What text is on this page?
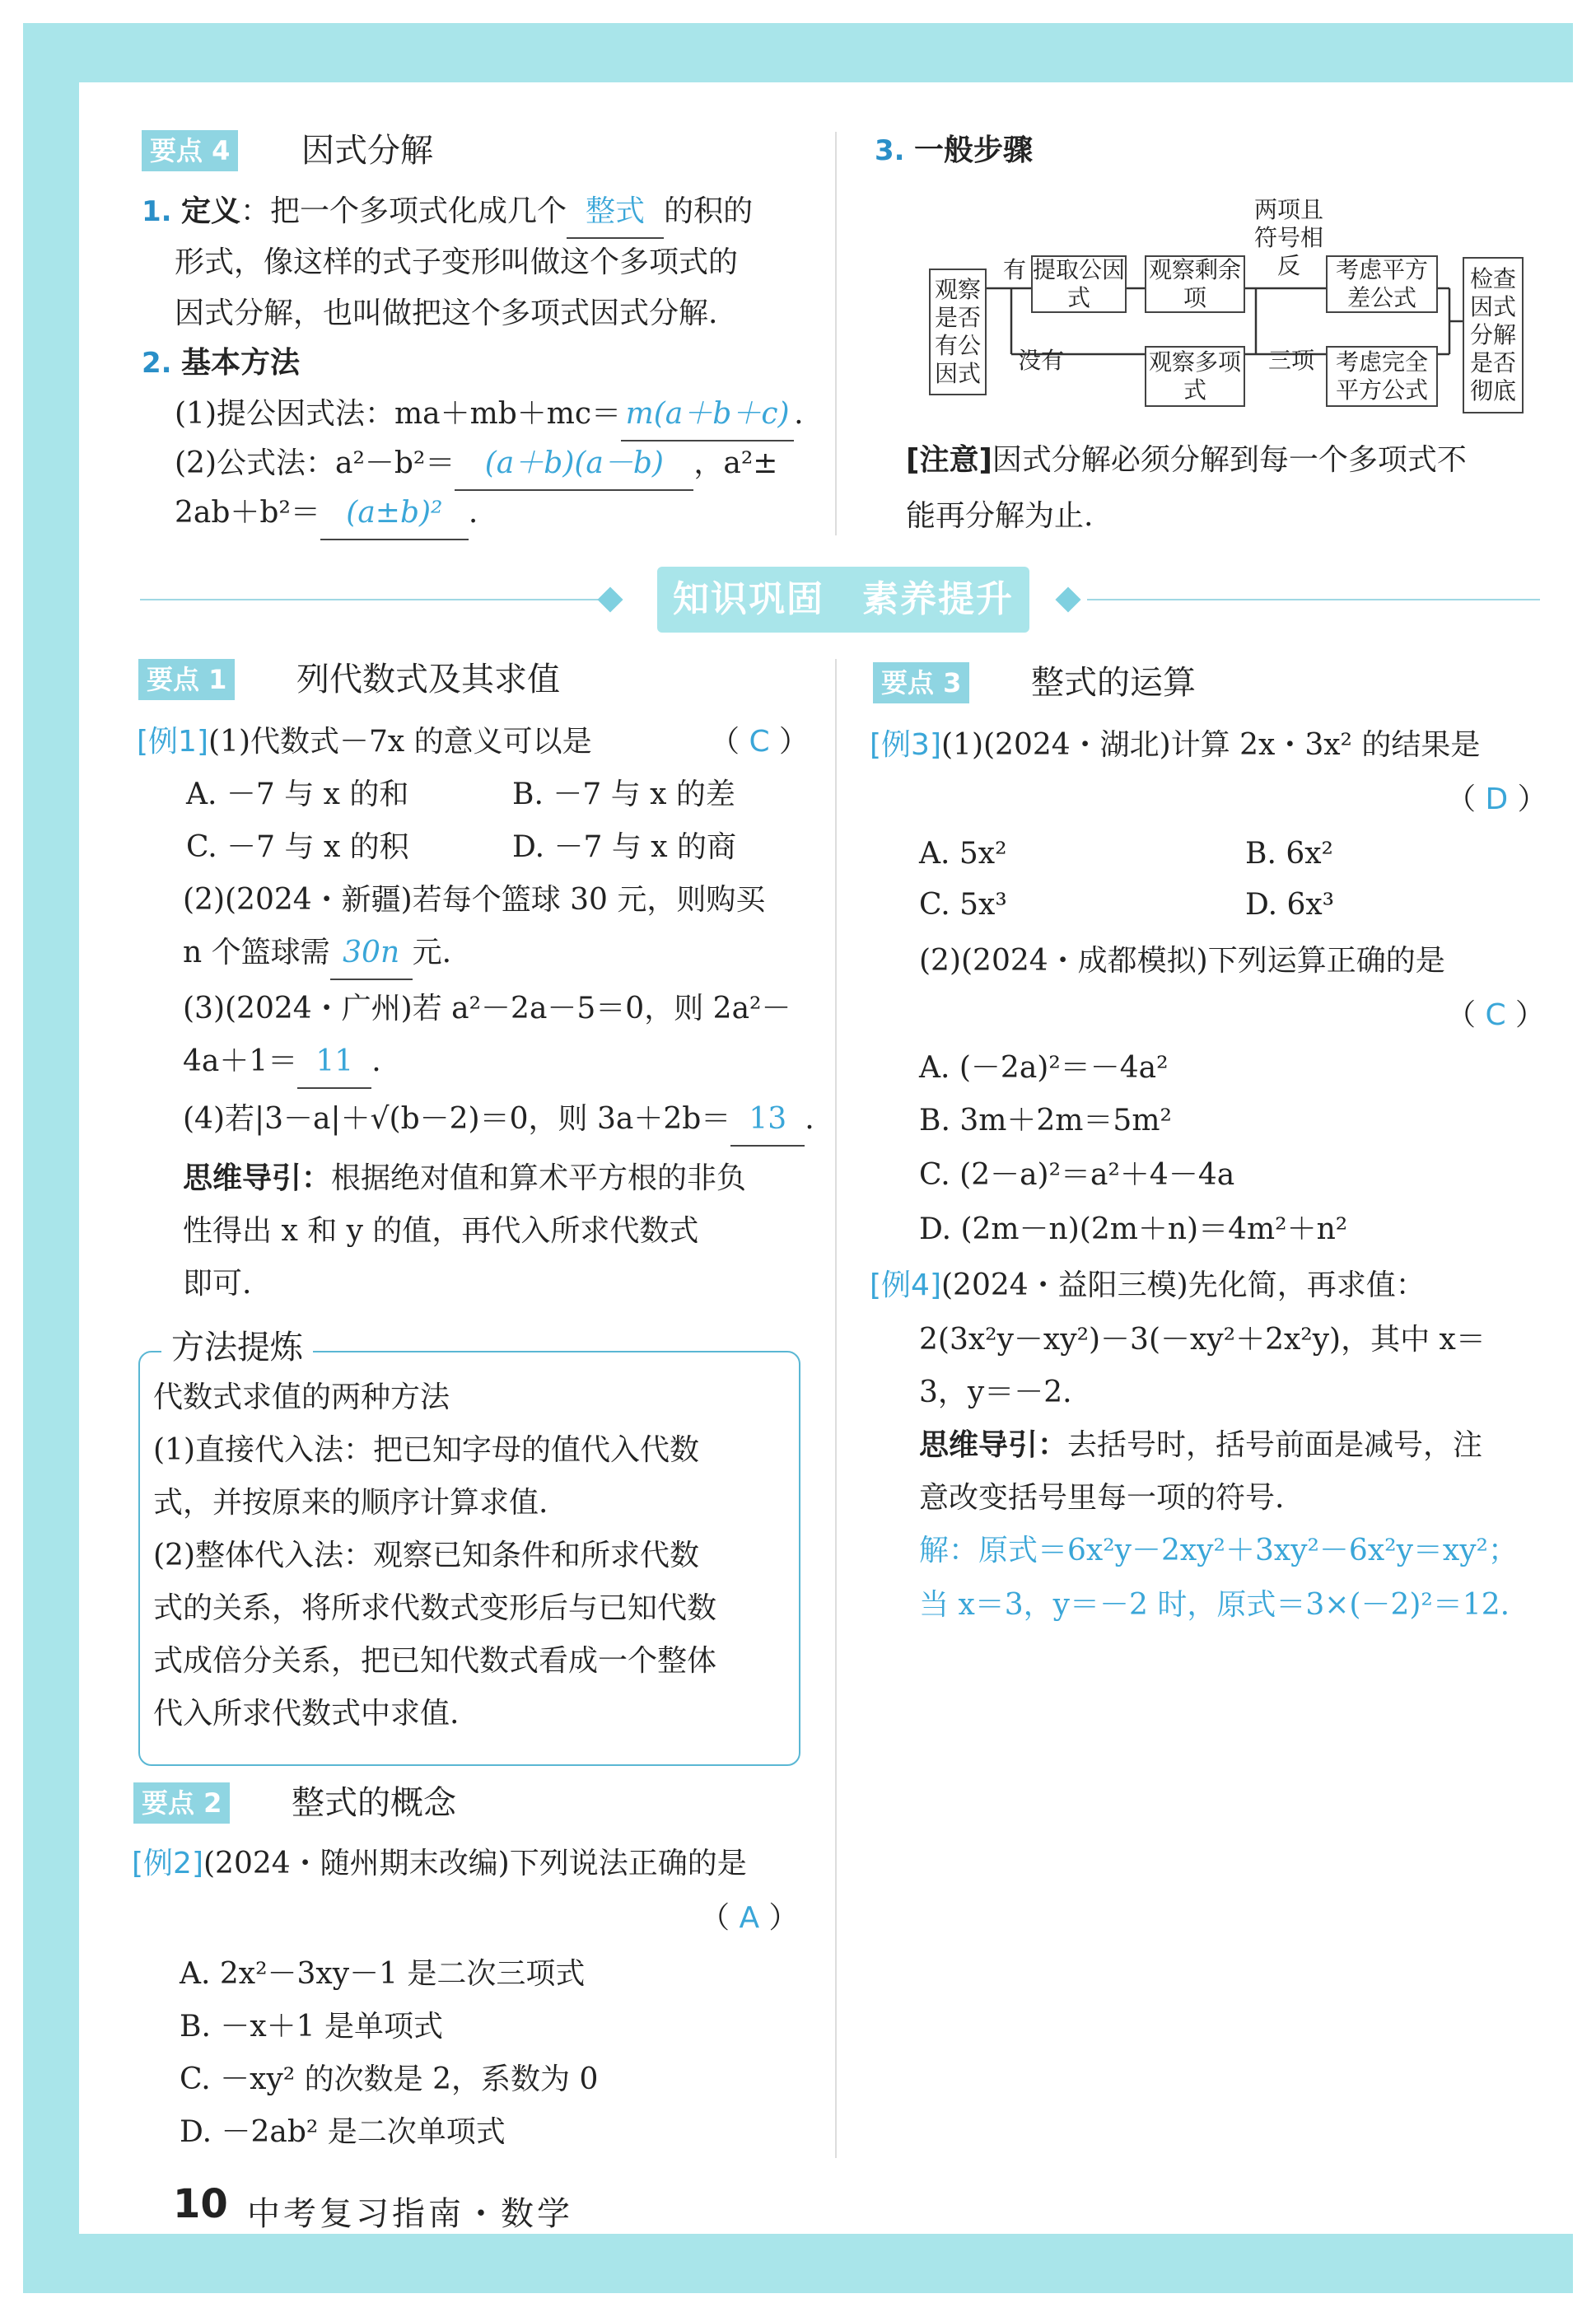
要点 4 因式分解
1. 定义：把一个多项式化成几个 整式 的积的
形式，像这样的式子变形叫做这个多项式的
因式分解，也叫做把这个多项式因式分解.
2. 基本方法
(1)提公因式法：ma＋mb＋mc＝ m(a＋b＋c) .
(2)公式法：a²－b²＝ (a＋b)(a－b) ，a²±
2ab＋b²＝ (a±b)² .
3. 一般步骤
观察是否有公因式
有
没有
提取公因式
观察剩余项
两项且符号相反
观察多项式
三项
考虑平方差公式
考虑完全平方公式
检查因式分解是否彻底
[注意]因式分解必须分解到每一个多项式不
能再分解为止.
知识巩固　素养提升
要点 1 列代数式及其求值
[例1](1)代数式－7x 的意义可以是	（ C ）
A. －7 与 x 的和	B. －7 与 x 的差
C. －7 与 x 的积	D. －7 与 x 的商
(2)(2024・新疆)若每个篮球 30 元，则购买
n 个篮球需 30n 元.
(3)(2024・广州)若 a²－2a－5＝0，则 2a²－
4a＋1＝ 11 .
(4)若|3－a|＋√(b－2)＝0，则 3a＋2b＝ 13 .
思维导引：根据绝对值和算术平方根的非负
性得出 x 和 y 的值，再代入所求代数式
即可.
方法提炼
代数式求值的两种方法
(1)直接代入法：把已知字母的值代入代数
式，并按原来的顺序计算求值.
(2)整体代入法：观察已知条件和所求代数
式的关系，将所求代数式变形后与已知代数
式成倍分关系，把已知代数式看成一个整体
代入所求代数式中求值.
要点 2 整式的概念
[例2](2024・随州期末改编)下列说法正确的是
（ A ）
A. 2x²－3xy－1 是二次三项式
B. －x＋1 是单项式
C. －xy² 的次数是 2，系数为 0
D. －2ab² 是二次单项式
要点 3 整式的运算
[例3](1)(2024・湖北)计算 2x・3x² 的结果是
（ D ）
A. 5x²	B. 6x²
C. 5x³	D. 6x³
(2)(2024・成都模拟)下列运算正确的是
（ C ）
A. (－2a)²＝－4a²
B. 3m＋2m＝5m²
C. (2－a)²＝a²＋4－4a
D. (2m－n)(2m＋n)＝4m²＋n²
[例4](2024・益阳三模)先化简，再求值：
2(3x²y－xy²)－3(－xy²＋2x²y)，其中 x＝
3，y＝－2.
思维导引：去括号时，括号前面是减号，注
意改变括号里每一项的符号.
解：原式＝6x²y－2xy²＋3xy²－6x²y＝xy²；
当 x＝3，y＝－2 时，原式＝3×(－2)²＝12.
10 中考复习指南・数学
